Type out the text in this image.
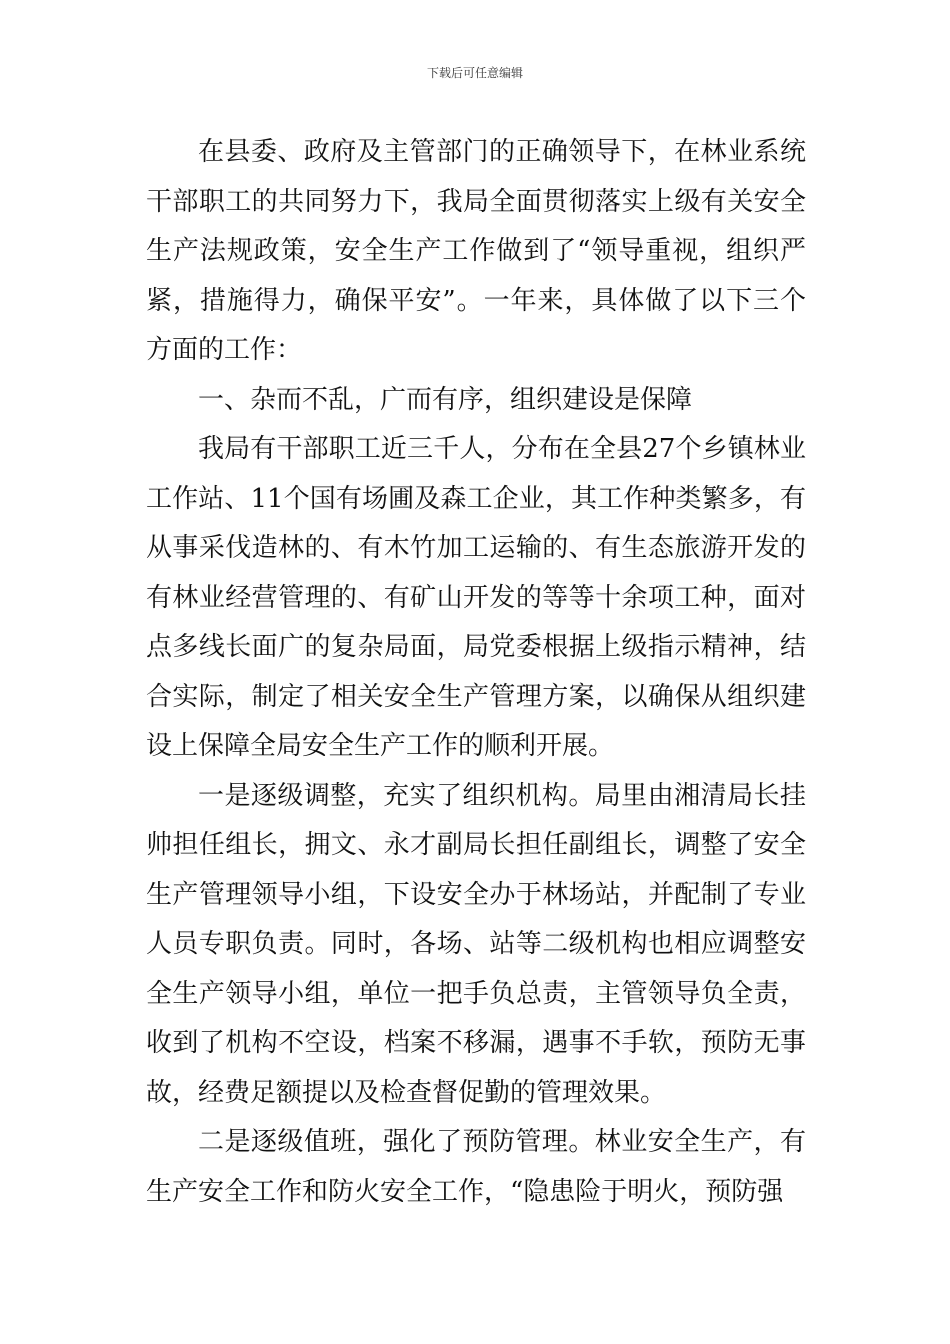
下载后可任意编辑

在县委、政府及主管部门的正确领导下，在林业系统干部职工的共同努力下，我局全面贯彻落实上级有关安全生产法规政策，安全生产工作做到了“领导重视，组织严紧，措施得力，确保平安”。一年来，具体做了以下三个方面的工作：

一、杂而不乱，广而有序，组织建设是保障

我局有干部职工近三千人，分布在全县27个乡镇林业工作站、11个国有场圃及森工企业，其工作种类繁多，有从事采伐造林的、有木竹加工运输的、有生态旅游开发的有林业经营管理的、有矿山开发的等等十余项工种，面对点多线长面广的复杂局面，局党委根据上级指示精神，结合实际，制定了相关安全生产管理方案，以确保从组织建设上保障全局安全生产工作的顺利开展。

一是逐级调整，充实了组织机构。局里由湘清局长挂帅担任组长，拥文、永才副局长担任副组长，调整了安全生产管理领导小组，下设安全办于林场站，并配制了专业人员专职负责。同时，各场、站等二级机构也相应调整安全生产领导小组，单位一把手负总责，主管领导负全责，收到了机构不空设，档案不移漏，遇事不手软，预防无事故，经费足额提以及检查督促勤的管理效果。

二是逐级值班，强化了预防管理。林业安全生产，有生产安全工作和防火安全工作，“隐患险于明火，预防强
